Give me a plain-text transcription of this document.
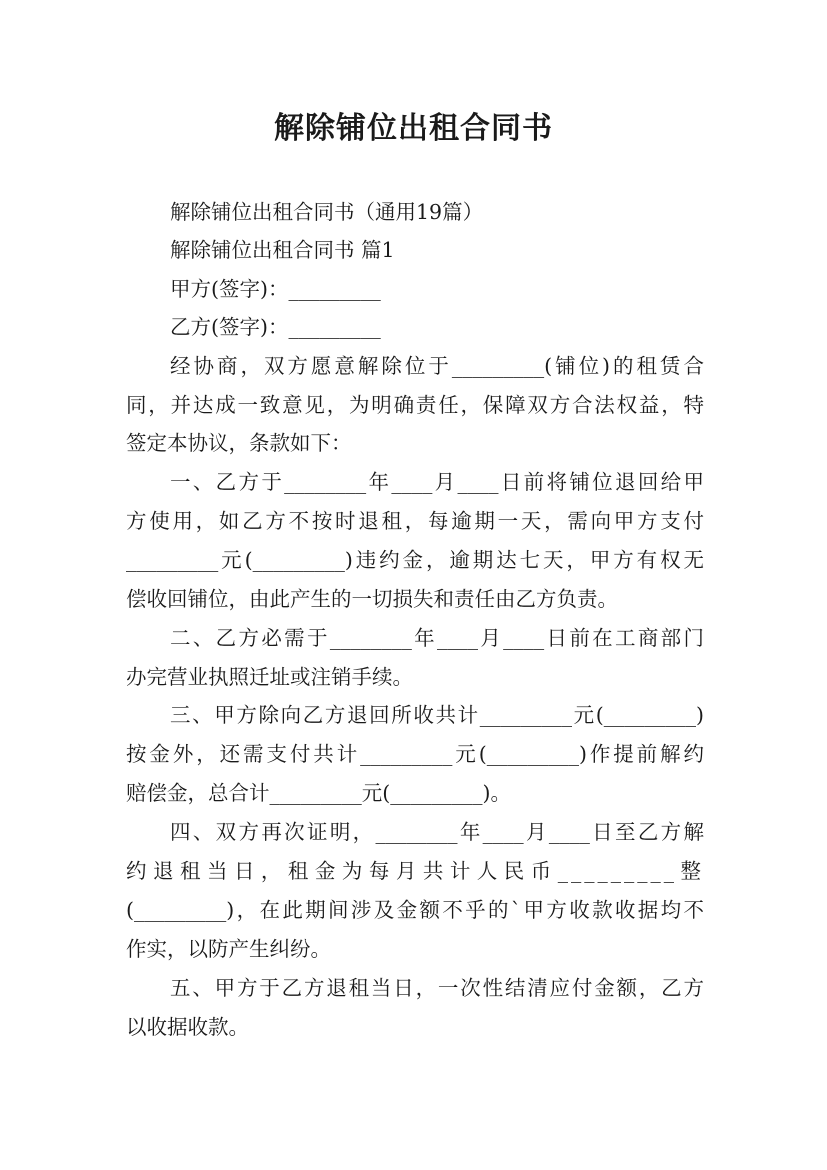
解除铺位出租合同书
解除铺位出租合同书（通用19篇）
解除铺位出租合同书 篇1
甲方(签字)：_________
乙方(签字)：_________
经协商，双方愿意解除位于_________(铺位)的租赁合
同，并达成一致意见，为明确责任，保障双方合法权益，特
签定本协议，条款如下：
一、乙方于________年____月____日前将铺位退回给甲
方使用，如乙方不按时退租，每逾期一天，需向甲方支付
_________元(_________)违约金，逾期达七天，甲方有权无
偿收回铺位，由此产生的一切损失和责任由乙方负责。
二、乙方必需于________年____月____日前在工商部门
办完营业执照迁址或注销手续。
三、甲方除向乙方退回所收共计_________元(_________)
按金外，还需支付共计_________元(_________)作提前解约
赔偿金，总合计_________元(_________)。
四、双方再次证明，________年____月____日至乙方解
约退租当日，租金为每月共计人民币_________整
(_________)，在此期间涉及金额不乎的`甲方收款收据均不
作实，以防产生纠纷。
五、甲方于乙方退租当日，一次性结清应付金额，乙方
以收据收款。
